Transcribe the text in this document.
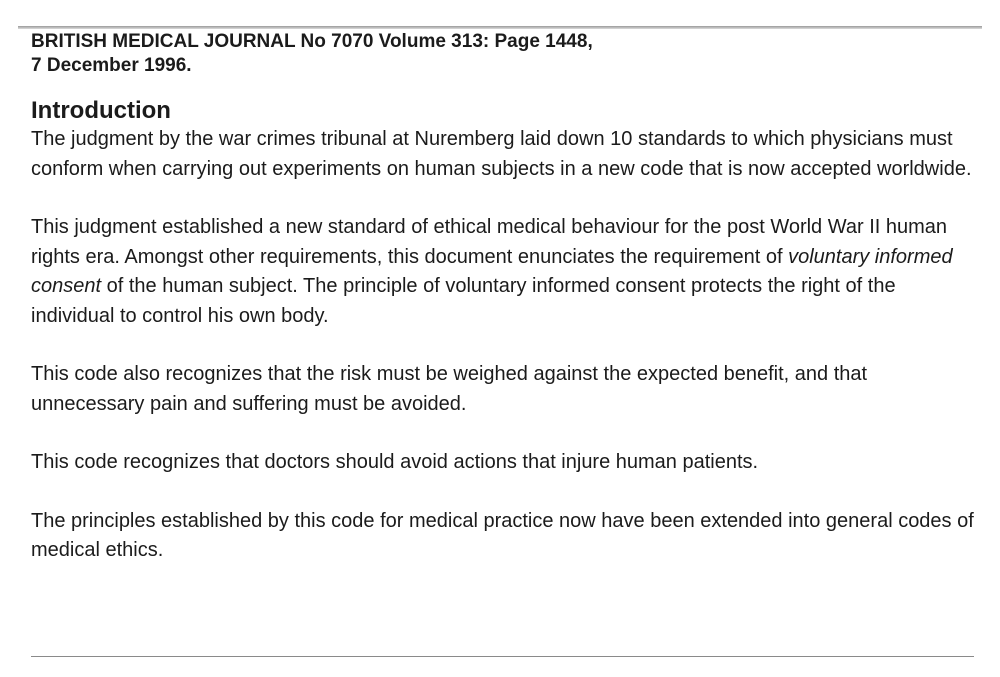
BRITISH MEDICAL JOURNAL No 7070 Volume 313: Page 1448,
7 December 1996.

Introduction

The judgment by the war crimes tribunal at Nuremberg laid down 10 standards to which physicians must conform when carrying out experiments on human subjects in a new code that is now accepted worldwide.

This judgment established a new standard of ethical medical behaviour for the post World War II human rights era. Amongst other requirements, this document enunciates the requirement of voluntary informed consent of the human subject. The principle of voluntary informed consent protects the right of the individual to control his own body.

This code also recognizes that the risk must be weighed against the expected benefit, and that unnecessary pain and suffering must be avoided.

This code recognizes that doctors should avoid actions that injure human patients.

The principles established by this code for medical practice now have been extended into general codes of medical ethics.
